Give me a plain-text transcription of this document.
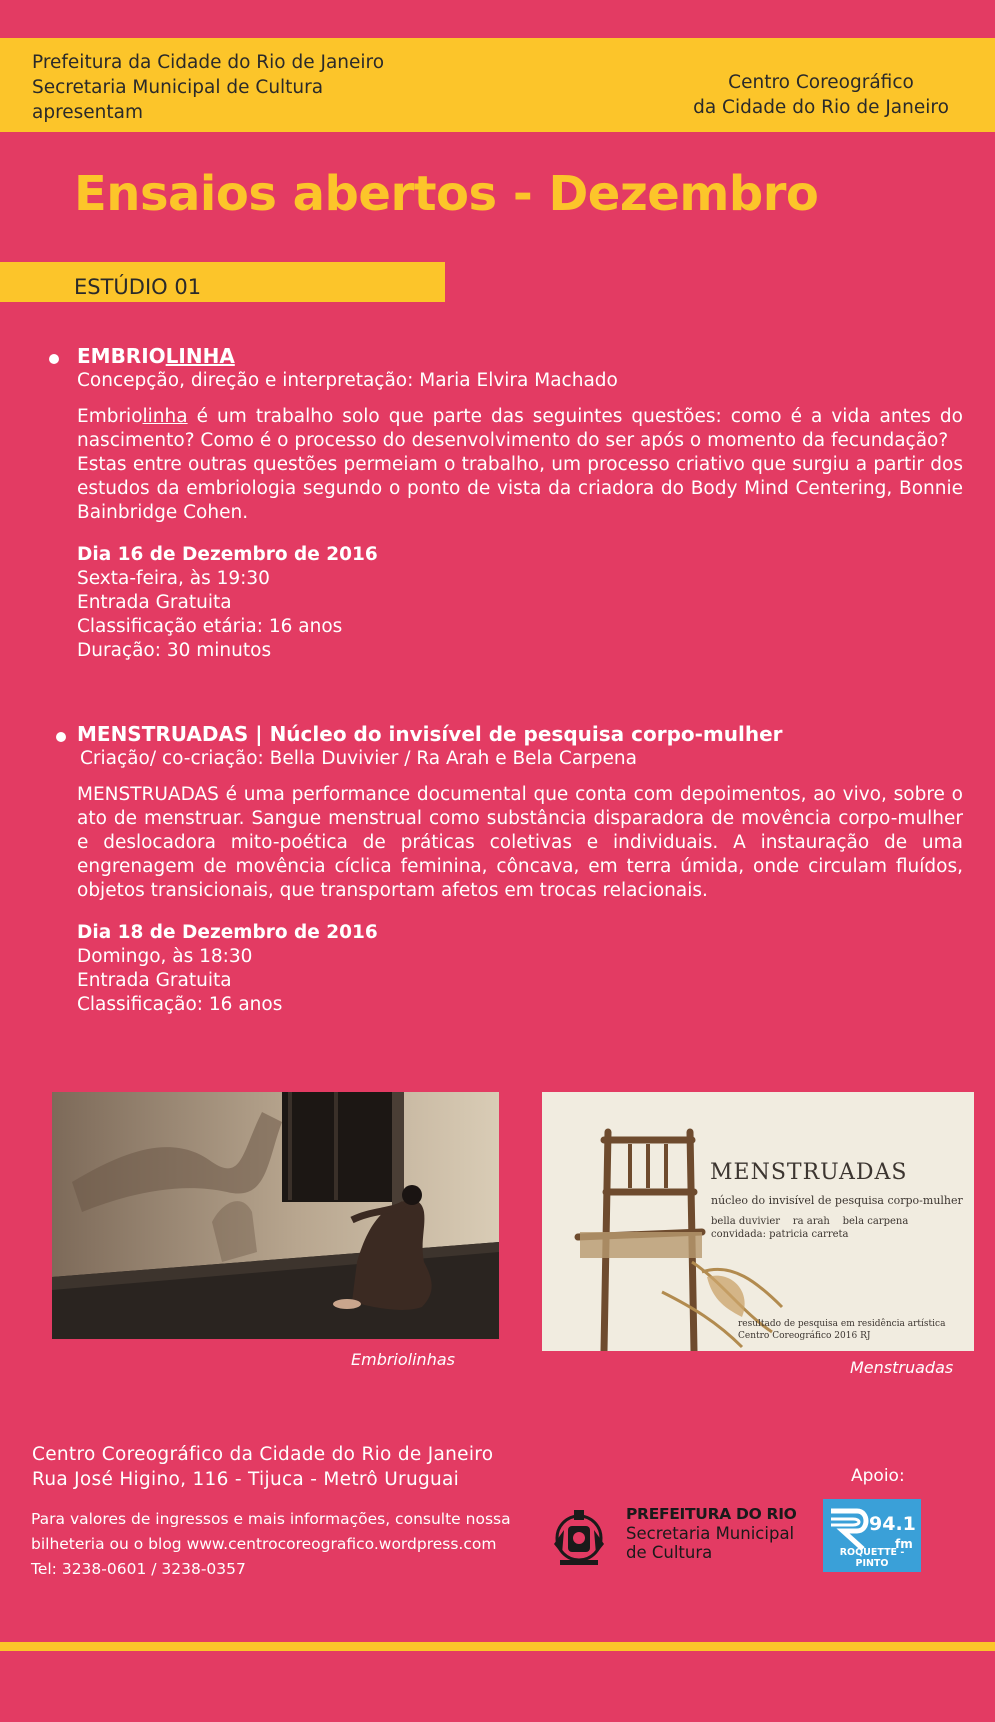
Prefeitura da Cidade do Rio de Janeiro
Secretaria Municipal de Cultura
apresentam
Centro Coreográfico
da Cidade do Rio de Janeiro
Ensaios abertos - Dezembro
ESTÚDIO 01

EMBRIOLINHA

Concepção, direção e interpretação: Maria Elvira Machado

Embriolinha é um trabalho solo que parte das seguintes questões: como é a vida antes do nascimento? Como é o processo do desenvolvimento do ser após o momento da fecundação?

Estas entre outras questões permeiam o trabalho, um processo criativo que surgiu a partir dos estudos da embriologia segundo o ponto de vista da criadora do Body Mind Centering, Bonnie Bainbridge Cohen.

Dia 16 de Dezembro de 2016
Sexta-feira, às 19:30
Entrada Gratuita
Classificação etária: 16 anos
Duração: 30 minutos

MENSTRUADAS | Núcleo do invisível de pesquisa corpo-mulher

Criação/ co-criação: Bella Duvivier / Ra Arah e Bela Carpena

MENSTRUADAS é uma performance documental que conta com depoimentos, ao vivo, sobre o ato de menstruar. Sangue menstrual como substância disparadora de movência corpo-mulher e deslocadora mito-poética de práticas coletivas e individuais. A instauração de uma engrenagem de movência cíclica feminina, côncava, em terra úmida, onde circulam fluídos, objetos transicionais, que transportam afetos em trocas relacionais.

Dia 18 de Dezembro de 2016
Domingo, às 18:30
Entrada Gratuita
Classificação: 16 anos
Embriolinhas
MENSTRUADAS
núcleo do invisível de pesquisa corpo-mulher
bella duvivier    ra arah    bela carpena
convidada: patricia carreta
resultado de pesquisa em residência artística
Centro Coreográfico 2016 RJ
Menstruadas
Centro Coreográfico da Cidade do Rio de Janeiro
Rua José Higino, 116 - Tijuca - Metrô Uruguai
Para valores de ingressos e mais informações, consulte nossa
bilheteria ou o blog www.centrocoreografico.wordpress.com
Tel: 3238-0601 / 3238-0357
PREFEITURA DO RIO
Secretaria Municipal
de Cultura
Apoio:
94.1
fm
ROQUETTE - PINTO
